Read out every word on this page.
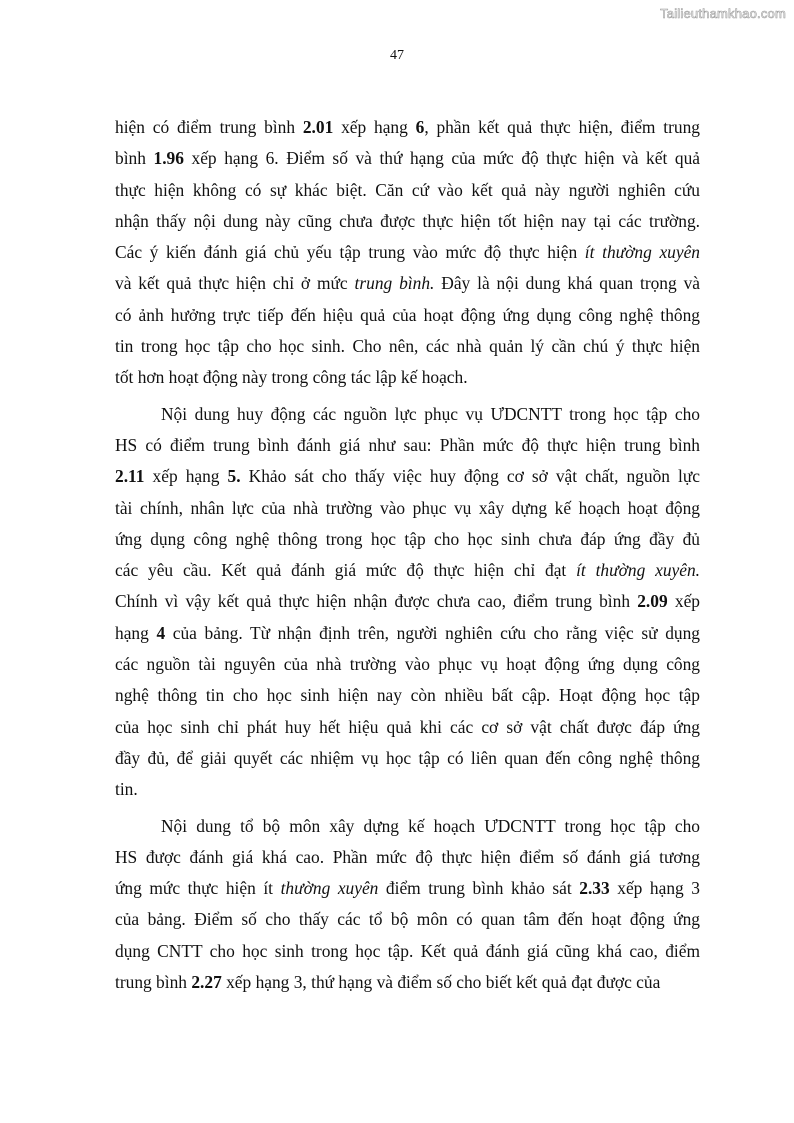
Tailieuthamkhao.com
47
hiện có điểm trung bình 2.01 xếp hạng 6, phần kết quả thực hiện, điểm trung
bình 1.96 xếp hạng 6. Điểm số và thứ hạng của mức độ thực hiện và kết quả
thực hiện không có sự khác biệt. Căn cứ vào kết quả này người nghiên cứu
nhận thấy nội dung này cũng chưa được thực hiện tốt hiện nay tại các trường.
Các ý kiến đánh giá chủ yếu tập trung vào mức độ thực hiện ít thường xuyên
và kết quả thực hiện chỉ ở mức trung bình. Đây là nội dung khá quan trọng và
có ảnh hưởng trực tiếp đến hiệu quả của hoạt động ứng dụng công nghệ thông
tin trong học tập cho học sinh. Cho nên, các nhà quản lý cần chú ý thực hiện
tốt hơn hoạt động này trong công tác lập kế hoạch.
Nội dung huy động các nguồn lực phục vụ ƯDCNTT trong học tập cho
HS có điểm trung bình đánh giá như sau: Phần mức độ thực hiện trung bình
2.11 xếp hạng 5. Khảo sát cho thấy việc huy động cơ sở vật chất, nguồn lực
tài chính, nhân lực của nhà trường vào phục vụ xây dựng kế hoạch hoạt động
ứng dụng công nghệ thông trong học tập cho học sinh chưa đáp ứng đầy đủ
các yêu cầu. Kết quả đánh giá mức độ thực hiện chỉ đạt ít thường xuyên.
Chính vì vậy kết quả thực hiện nhận được chưa cao, điểm trung bình 2.09 xếp
hạng 4 của bảng. Từ nhận định trên, người nghiên cứu cho rằng việc sử dụng
các nguồn tài nguyên của nhà trường vào phục vụ hoạt động ứng dụng công
nghệ thông tin cho học sinh hiện nay còn nhiều bất cập. Hoạt động học tập
của học sinh chỉ phát huy hết hiệu quả khi các cơ sở vật chất được đáp ứng
đầy đủ, để giải quyết các nhiệm vụ học tập có liên quan đến công nghệ thông
tin.
Nội dung tổ bộ môn xây dựng kế hoạch ƯDCNTT trong học tập cho
HS được đánh giá khá cao. Phần mức độ thực hiện điểm số đánh giá tương
ứng mức thực hiện ít thường xuyên điểm trung bình khảo sát 2.33 xếp hạng 3
của bảng. Điểm số cho thấy các tổ bộ môn có quan tâm đến hoạt động ứng
dụng CNTT cho học sinh trong học tập. Kết quả đánh giá cũng khá cao, điểm
trung bình 2.27 xếp hạng 3, thứ hạng và điểm số cho biết kết quả đạt được của
